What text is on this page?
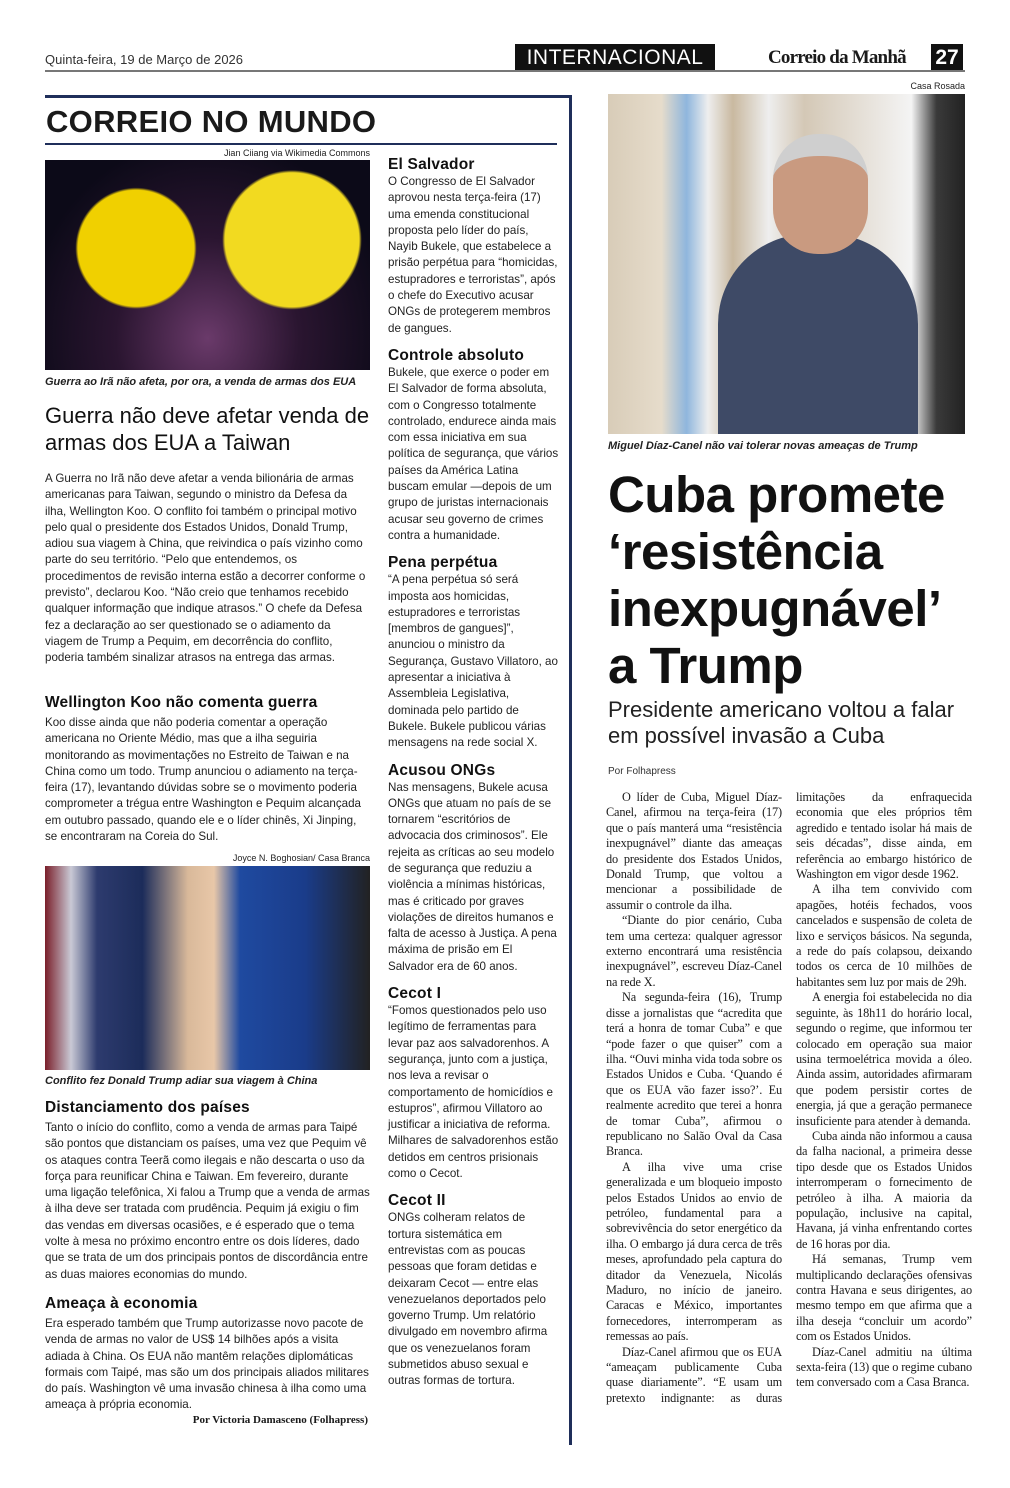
Quinta-feira, 19 de Março de 2026	INTERNACIONAL	Correio da Manhã 27
CORREIO NO MUNDO
Jian Ciiang via Wikimedia Commons
Guerra ao Irã não afeta, por ora, a venda de armas dos EUA
Guerra não deve afetar venda de armas dos EUA a Taiwan
A Guerra no Irã não deve afetar a venda bilionária de armas americanas para Taiwan, segundo o ministro da Defesa da ilha, Wellington Koo. O conflito foi também o principal motivo pelo qual o presidente dos Estados Unidos, Donald Trump, adiou sua viagem à China, que reivindica o país vizinho como parte do seu território. “Pelo que entendemos, os procedimentos de revisão interna estão a decorrer conforme o previsto”, declarou Koo. “Não creio que tenhamos recebido qualquer informação que indique atrasos.” O chefe da Defesa fez a declaração ao ser questionado se o adiamento da viagem de Trump a Pequim, em decorrência do conflito, poderia também sinalizar atrasos na entrega das armas.
Wellington Koo não comenta guerra
Koo disse ainda que não poderia comentar a operação americana no Oriente Médio, mas que a ilha seguiria monitorando as movimentações no Estreito de Taiwan e na China como um todo. Trump anunciou o adiamento na terça-feira (17), levantando dúvidas sobre se o movimento poderia comprometer a trégua entre Washington e Pequim alcançada em outubro passado, quando ele e o líder chinês, Xi Jinping, se encontraram na Coreia do Sul.
Joyce N. Boghosian/ Casa Branca
Conflito fez Donald Trump adiar sua viagem à China
Distanciamento dos países
Tanto o início do conflito, como a venda de armas para Taipé são pontos que distanciam os países, uma vez que Pequim vê os ataques contra Teerã como ilegais e não descarta o uso da força para reunificar China e Taiwan. Em fevereiro, durante uma ligação telefônica, Xi falou a Trump que a venda de armas à ilha deve ser tratada com prudência. Pequim já exigiu o fim das vendas em diversas ocasiões, e é esperado que o tema volte à mesa no próximo encontro entre os dois líderes, dado que se trata de um dos principais pontos de discordância entre as duas maiores economias do mundo.
Ameaça à economia
Era esperado também que Trump autorizasse novo pacote de venda de armas no valor de US$ 14 bilhões após a visita adiada à China. Os EUA não mantêm relações diplomáticas formais com Taipé, mas são um dos principais aliados militares do país. Washington vê uma invasão chinesa à ilha como uma ameaça à própria economia.
Por Victoria Damasceno (Folhapress)
El Salvador
O Congresso de El Salvador aprovou nesta terça-feira (17) uma emenda constitucional proposta pelo líder do país, Nayib Bukele, que estabelece a prisão perpétua para “homicidas, estupradores e terroristas”, após o chefe do Executivo acusar ONGs de protegerem membros de gangues.
Controle absoluto
Bukele, que exerce o poder em El Salvador de forma absoluta, com o Congresso totalmente controlado, endurece ainda mais com essa iniciativa em sua política de segurança, que vários países da América Latina buscam emular —depois de um grupo de juristas internacionais acusar seu governo de crimes contra a humanidade.
Pena perpétua
“A pena perpétua só será imposta aos homicidas, estupradores e terroristas [membros de gangues]”, anunciou o ministro da Segurança, Gustavo Villatoro, ao apresentar a iniciativa à Assembleia Legislativa, dominada pelo partido de Bukele. Bukele publicou várias mensagens na rede social X.
Acusou ONGs
Nas mensagens, Bukele acusa ONGs que atuam no país de se tornarem “escritórios de advocacia dos criminosos”. Ele rejeita as críticas ao seu modelo de segurança que reduziu a violência a mínimas históricas, mas é criticado por graves violações de direitos humanos e falta de acesso à Justiça. A pena máxima de prisão em El Salvador era de 60 anos.
Cecot I
“Fomos questionados pelo uso legítimo de ferramentas para levar paz aos salvadorenhos. A segurança, junto com a justiça, nos leva a revisar o comportamento de homicídios e estupros”, afirmou Villatoro ao justificar a iniciativa de reforma. Milhares de salvadorenhos estão detidos em centros prisionais como o Cecot.
Cecot II
ONGs colheram relatos de tortura sistemática em entrevistas com as poucas pessoas que foram detidas e deixaram Cecot — entre elas venezuelanos deportados pelo governo Trump. Um relatório divulgado em novembro afirma que os venezuelanos foram submetidos abuso sexual e outras formas de tortura.
Casa Rosada
Miguel Díaz-Canel não vai tolerar novas ameaças de Trump
Cuba promete ‘resistência inexpugnável’ a Trump
Presidente americano voltou a falar em possível invasão a Cuba
Por Folhapress

O líder de Cuba, Miguel Díaz-Canel, afirmou na terça-feira (17) que o país manterá uma “resistência inexpugnável” diante das ameaças do presidente dos Estados Unidos, Donald Trump, que voltou a mencionar a possibilidade de assumir o controle da ilha.

“Diante do pior cenário, Cuba tem uma certeza: qualquer agressor externo encontrará uma resistência inexpugnável”, escreveu Díaz-Canel na rede X.

Na segunda-feira (16), Trump disse a jornalistas que “acredita que terá a honra de tomar Cuba” e que “pode fazer o que quiser” com a ilha. “Ouvi minha vida toda sobre os Estados Unidos e Cuba. ‘Quando é que os EUA vão fazer isso?’. Eu realmente acredito que terei a honra de tomar Cuba”, afirmou o republicano no Salão Oval da Casa Branca.

A ilha vive uma crise generalizada e um bloqueio imposto pelos Estados Unidos ao envio de petróleo, fundamental para a sobrevivência do setor energético da ilha. O embargo já dura cerca de três meses, aprofundado pela captura do ditador da Venezuela, Nicolás Maduro, no início de janeiro. Caracas e México, importantes fornecedores, interromperam as remessas ao país.

Díaz-Canel afirmou que os EUA “ameaçam publicamente Cuba quase diariamente”. “E usam um pretexto indignante: as duras limitações da enfraquecida economia que eles próprios têm agredido e tentado isolar há mais de seis décadas”, disse ainda, em referência ao embargo histórico de Washington em vigor desde 1962.

A ilha tem convivido com apagões, hotéis fechados, voos cancelados e suspensão de coleta de lixo e serviços básicos. Na segunda, a rede do país colapsou, deixando todos os cerca de 10 milhões de habitantes sem luz por mais de 29h.

A energia foi estabelecida no dia seguinte, às 18h11 do horário local, segundo o regime, que informou ter colocado em operação sua maior usina termoelétrica movida a óleo. Ainda assim, autoridades afirmaram que podem persistir cortes de energia, já que a geração permanece insuficiente para atender à demanda.

Cuba ainda não informou a causa da falha nacional, a primeira desse tipo desde que os Estados Unidos interromperam o fornecimento de petróleo à ilha. A maioria da população, inclusive na capital, Havana, já vinha enfrentando cortes de 16 horas por dia.

Há semanas, Trump vem multiplicando declarações ofensivas contra Havana e seus dirigentes, ao mesmo tempo em que afirma que a ilha deseja “concluir um acordo” com os Estados Unidos.

Díaz-Canel admitiu na última sexta-feira (13) que o regime cubano tem conversado com a Casa Branca.
